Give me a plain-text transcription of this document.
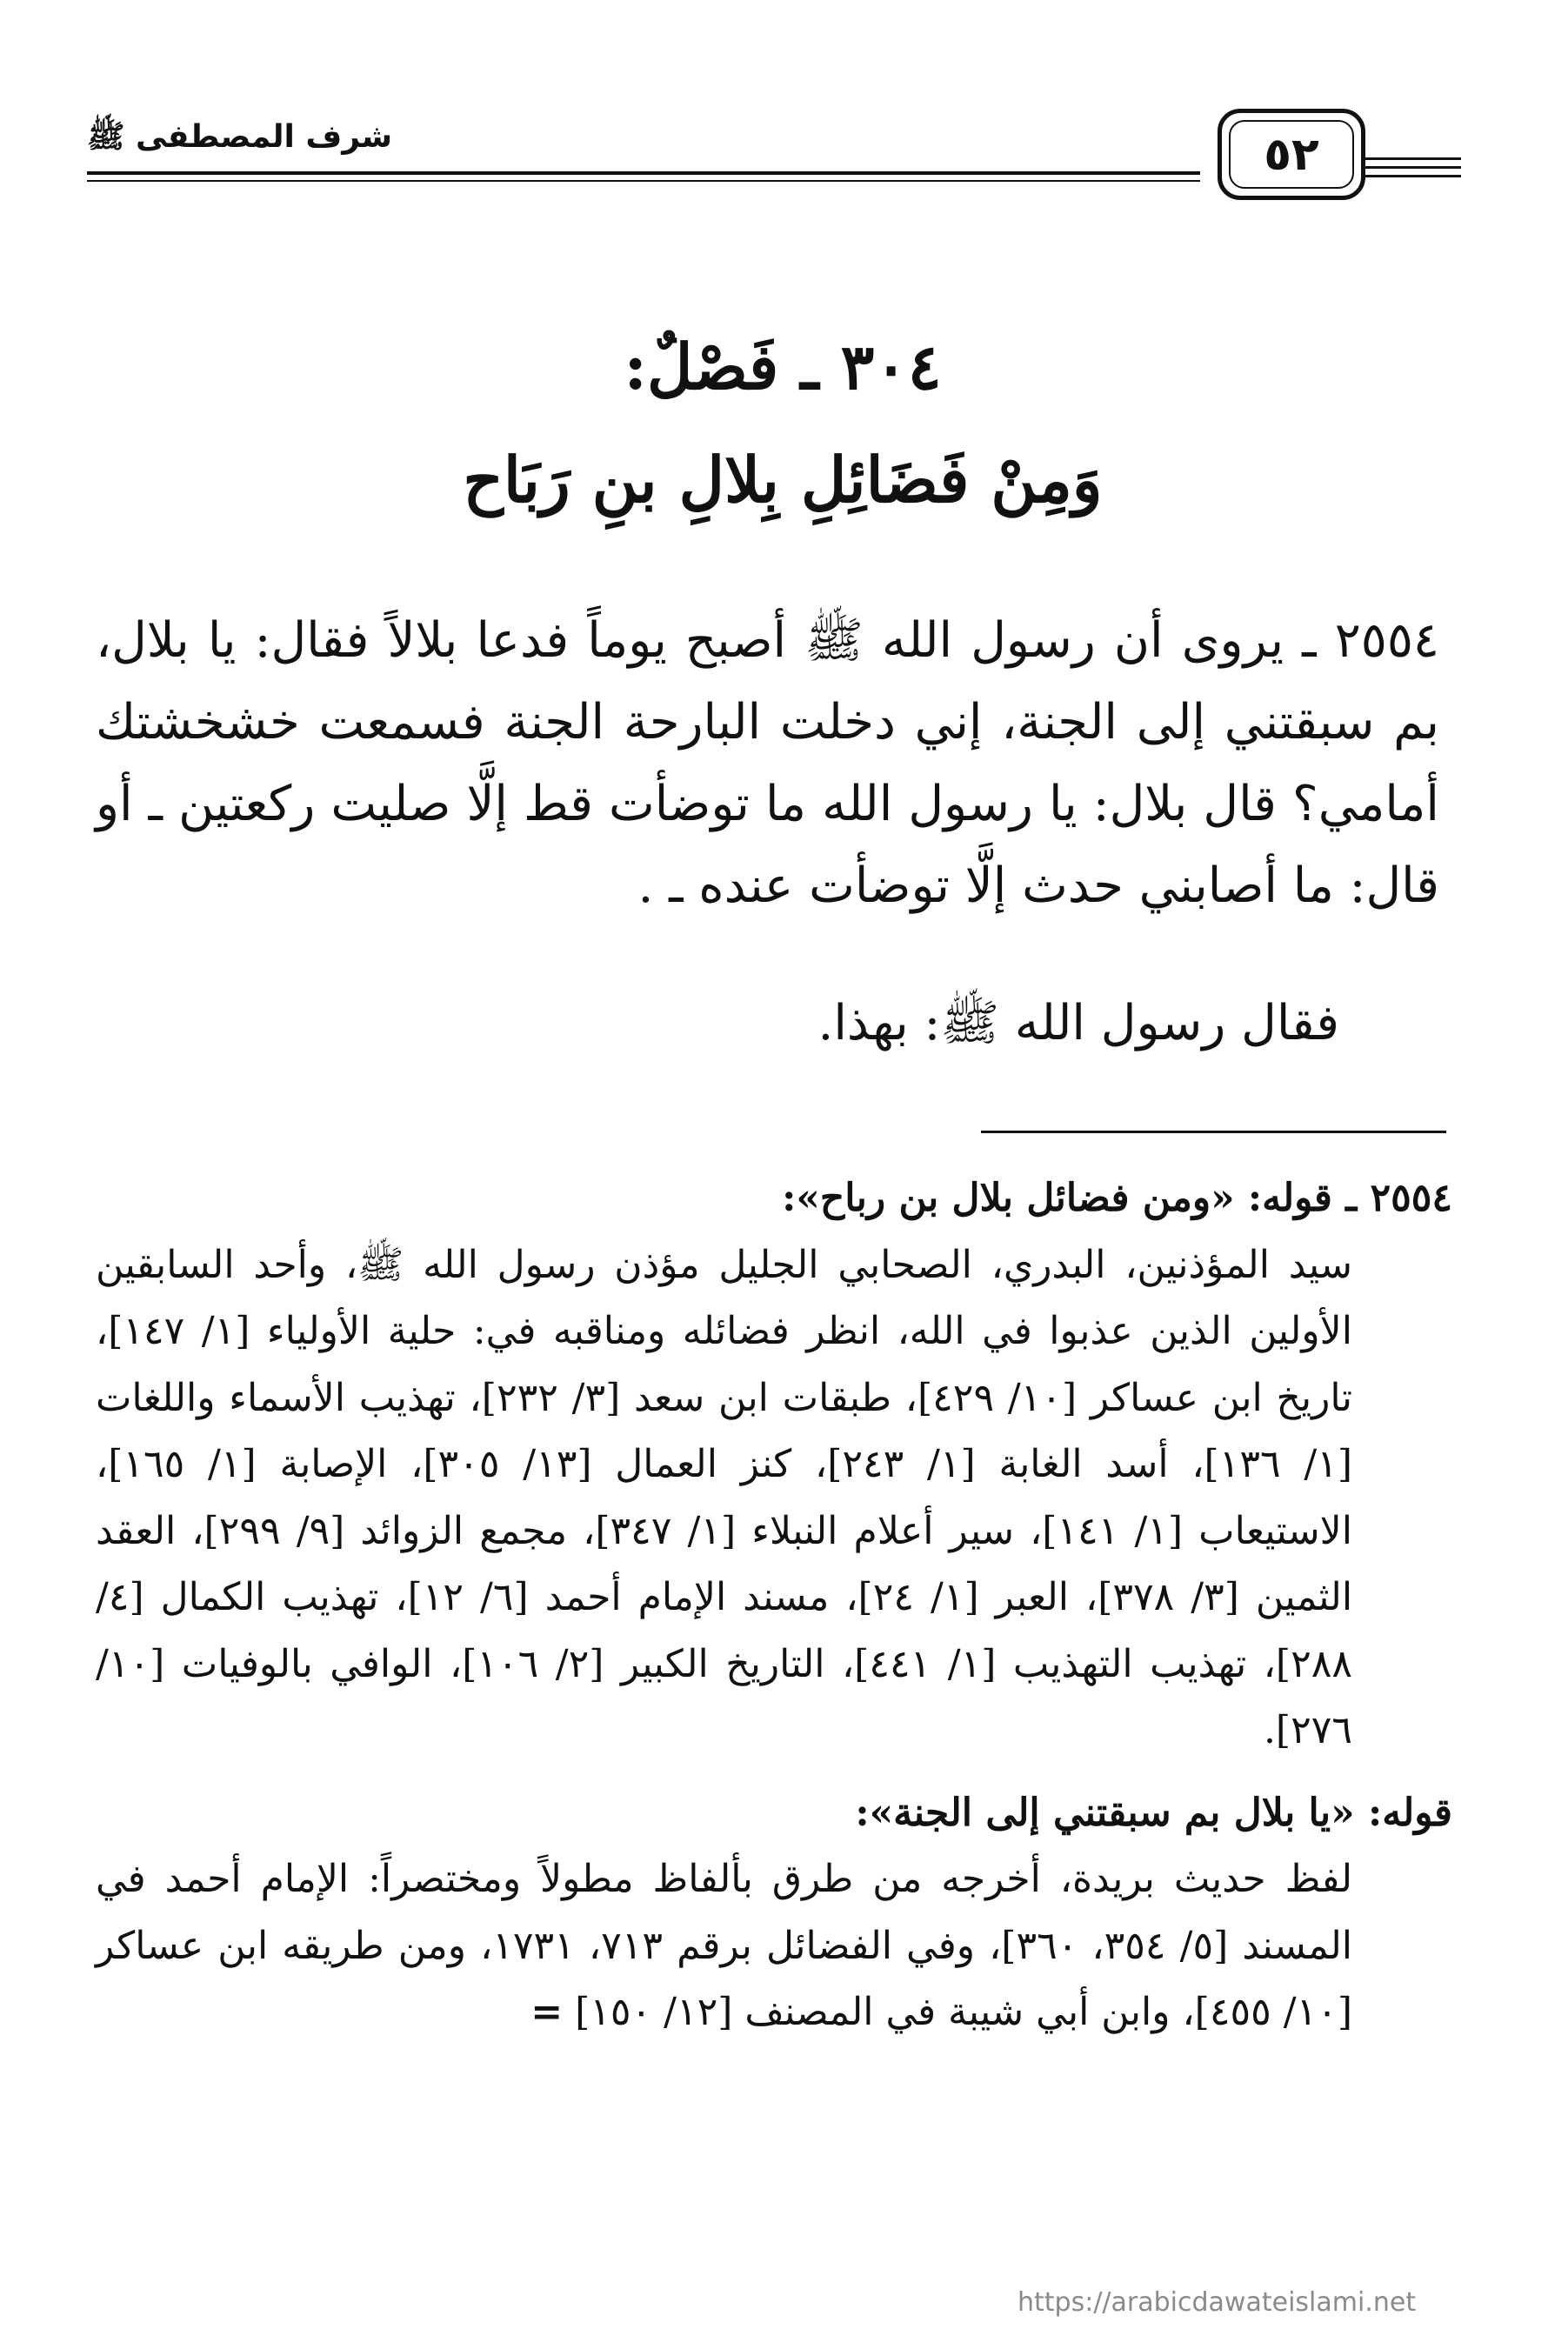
٥٢
شرف المصطفى ﷺ
٣٠٤ ـ فَصْلٌ:
وَمِنْ فَضَائِلِ بِلالِ بنِ رَبَاح

٢٥٥٤ ـ يروى أن رسول الله ﷺ أصبح يوماً فدعا بلالاً فقال: يا بلال، بم سبقتني إلى الجنة، إني دخلت البارحة الجنة فسمعت خشخشتك أمامي؟ قال بلال: يا رسول الله ما توضأت قط إلَّا صليت ركعتين ـ أو قال: ما أصابني حدث إلَّا توضأت عنده ـ .

فقال رسول الله ﷺ: بهذا.

٢٥٥٤ ـ قوله: «ومن فضائل بلال بن رباح»:

سيد المؤذنين، البدري، الصحابي الجليل مؤذن رسول الله ﷺ، وأحد السابقين الأولين الذين عذبوا في الله، انظر فضائله ومناقبه في: حلية الأولياء [١/ ١٤٧]، تاريخ ابن عساكر [١٠/ ٤٢٩]، طبقات ابن سعد [٣/ ٢٣٢]، تهذيب الأسماء واللغات [١/ ١٣٦]، أسد الغابة [١/ ٢٤٣]، كنز العمال [١٣/ ٣٠٥]، الإصابة [١/ ١٦٥]، الاستيعاب [١/ ١٤١]، سير أعلام النبلاء [١/ ٣٤٧]، مجمع الزوائد [٩/ ٢٩٩]، العقد الثمين [٣/ ٣٧٨]، العبر [١/ ٢٤]، مسند الإمام أحمد [٦/ ١٢]، تهذيب الكمال [٤/ ٢٨٨]، تهذيب التهذيب [١/ ٤٤١]، التاريخ الكبير [٢/ ١٠٦]، الوافي بالوفيات [١٠/ ٢٧٦].

قوله: «يا بلال بم سبقتني إلى الجنة»:

لفظ حديث بريدة، أخرجه من طرق بألفاظ مطولاً ومختصراً: الإمام أحمد في المسند [٥/ ٣٥٤، ٣٦٠]، وفي الفضائل برقم ٧١٣، ١٧٣١، ومن طريقه ابن عساكر [١٠/ ٤٥٥]، وابن أبي شيبة في المصنف [١٢/ ١٥٠] =

https://arabicdawateislami.net
